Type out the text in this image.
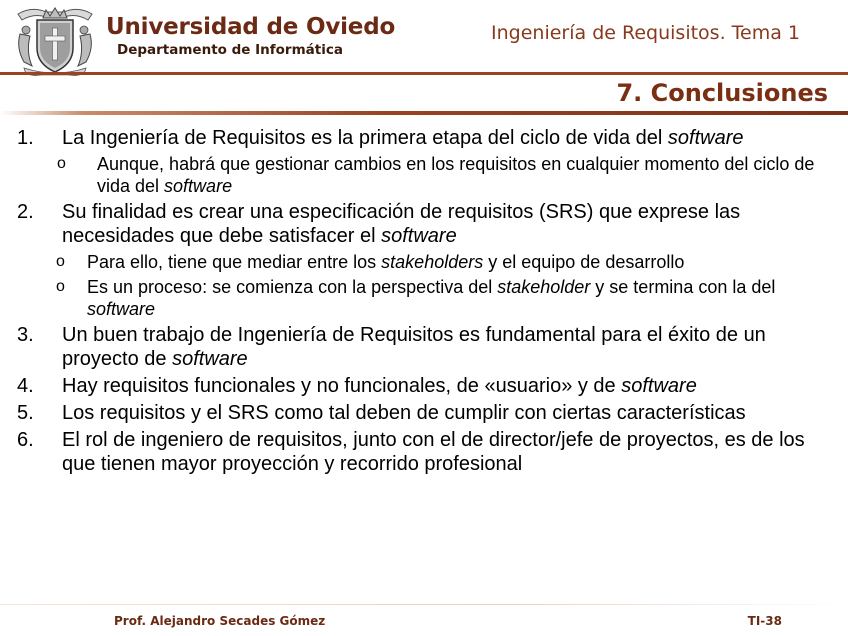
Universidad de Oviedo
Departamento de Informática
Ingeniería de Requisitos. Tema 1
7. Conclusiones
1. La Ingeniería de Requisitos es la primera etapa del ciclo de vida del software
o Aunque, habrá que gestionar cambios en los requisitos en cualquier momento del ciclo de vida del software
2. Su finalidad es crear una especificación de requisitos (SRS) que exprese las necesidades que debe satisfacer el software
o Para ello, tiene que mediar entre los stakeholders y el equipo de desarrollo
o Es un proceso: se comienza con la perspectiva del stakeholder y se termina con la del software
3. Un buen trabajo de Ingeniería de Requisitos es fundamental para el éxito de un proyecto de software
4. Hay requisitos funcionales y no funcionales, de «usuario» y de software
5. Los requisitos y el SRS como tal deben de cumplir con ciertas características
6. El rol de ingeniero de requisitos, junto con el de director/jefe de proyectos, es de los que tienen mayor proyección y recorrido profesional
Prof. Alejandro Secades Gómez	TI-38
